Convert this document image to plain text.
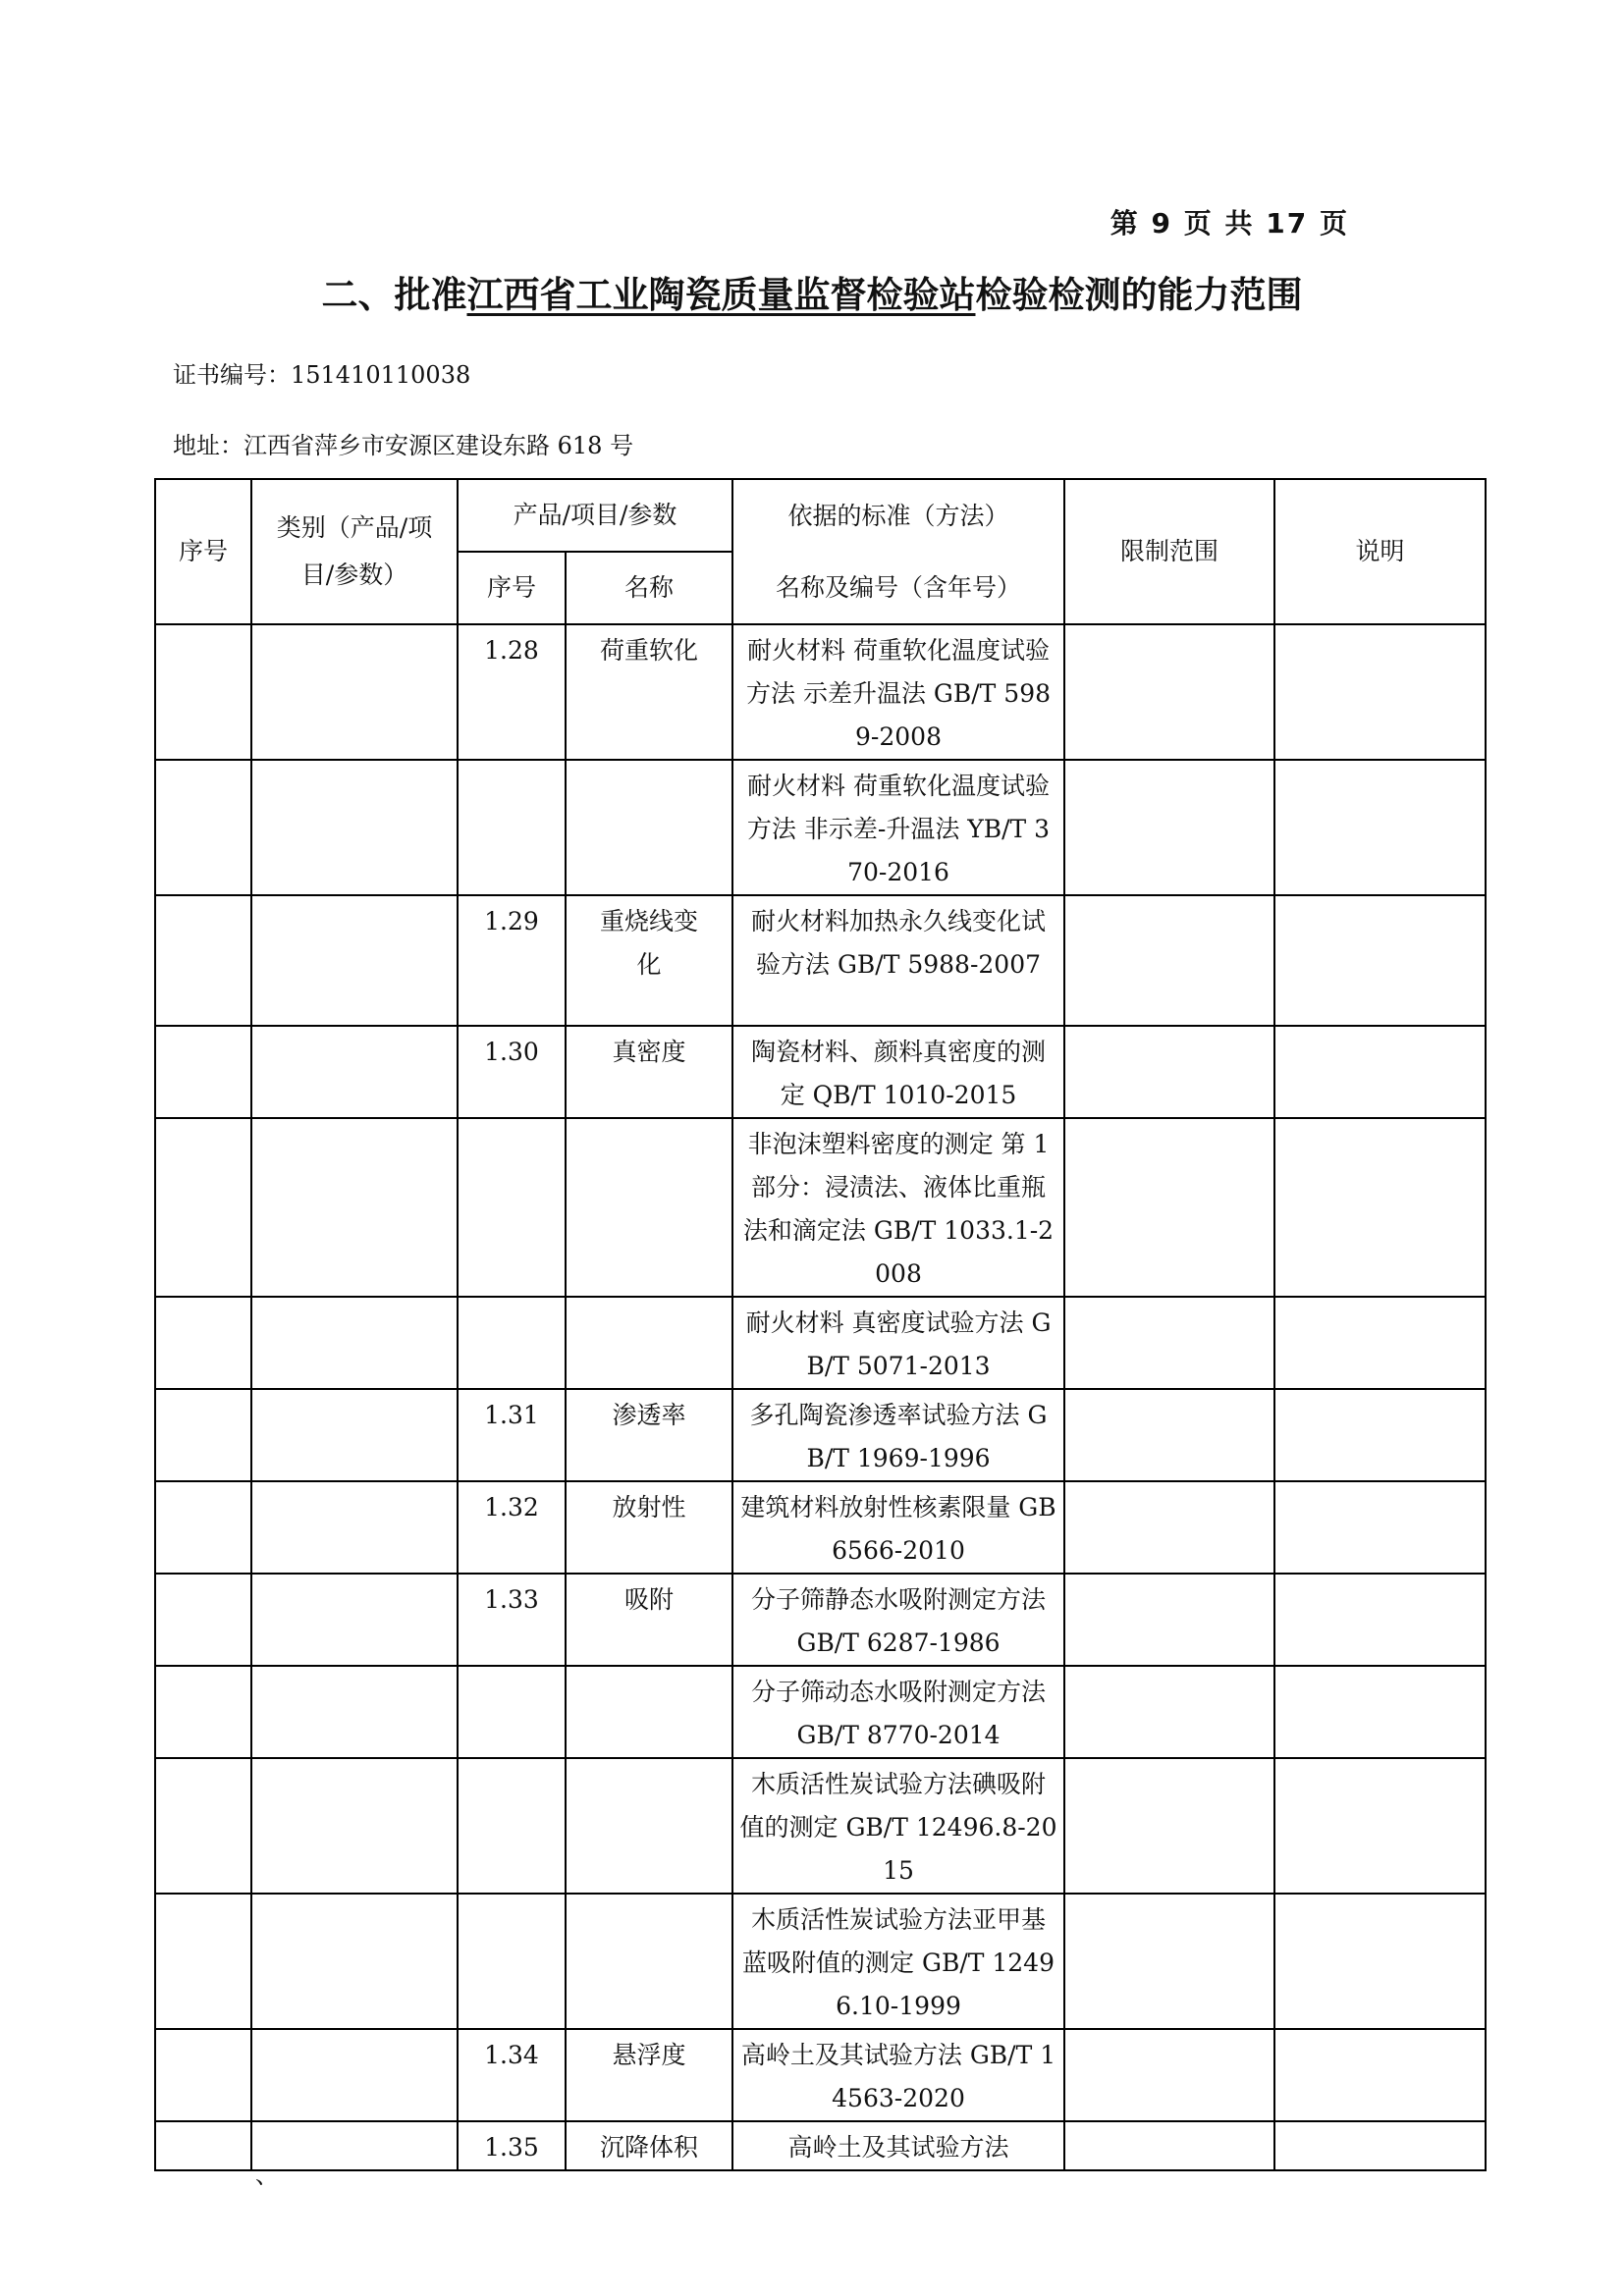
第 9 页 共 17 页
二、批准江西省工业陶瓷质量监督检验站检验检测的能力范围
证书编号：151410110038
地址：江西省萍乡市安源区建设东路 618 号
序号	类别（产品/项目/参数）	产品/项目/参数		依据的标准（方法）	限制范围	说明
		序号	名称	名称及编号（含年号）		
		1.28	荷重软化	耐火材料 荷重软化温度试验方法 示差升温法 GB/T 5989-2008		
				耐火材料 荷重软化温度试验方法 非示差-升温法 YB/T 370-2016		
		1.29	重烧线变化	耐火材料加热永久线变化试验方法 GB/T 5988-2007		
		1.30	真密度	陶瓷材料、颜料真密度的测定 QB/T 1010-2015		
				非泡沫塑料密度的测定 第 1 部分：浸渍法、液体比重瓶法和滴定法 GB/T 1033.1-2008		
				耐火材料 真密度试验方法 GB/T 5071-2013		
		1.31	渗透率	多孔陶瓷渗透率试验方法 GB/T 1969-1996		
		1.32	放射性	建筑材料放射性核素限量 GB 6566-2010		
		1.33	吸附	分子筛静态水吸附测定方法 GB/T 6287-1986		
				分子筛动态水吸附测定方法 GB/T 8770-2014		
				木质活性炭试验方法碘吸附值的测定 GB/T 12496.8-2015		
				木质活性炭试验方法亚甲基蓝吸附值的测定 GB/T 12496.10-1999		
		1.34	悬浮度	高岭土及其试验方法 GB/T 14563-2020		
		1.35	沉降体积	高岭土及其试验方法		
、
